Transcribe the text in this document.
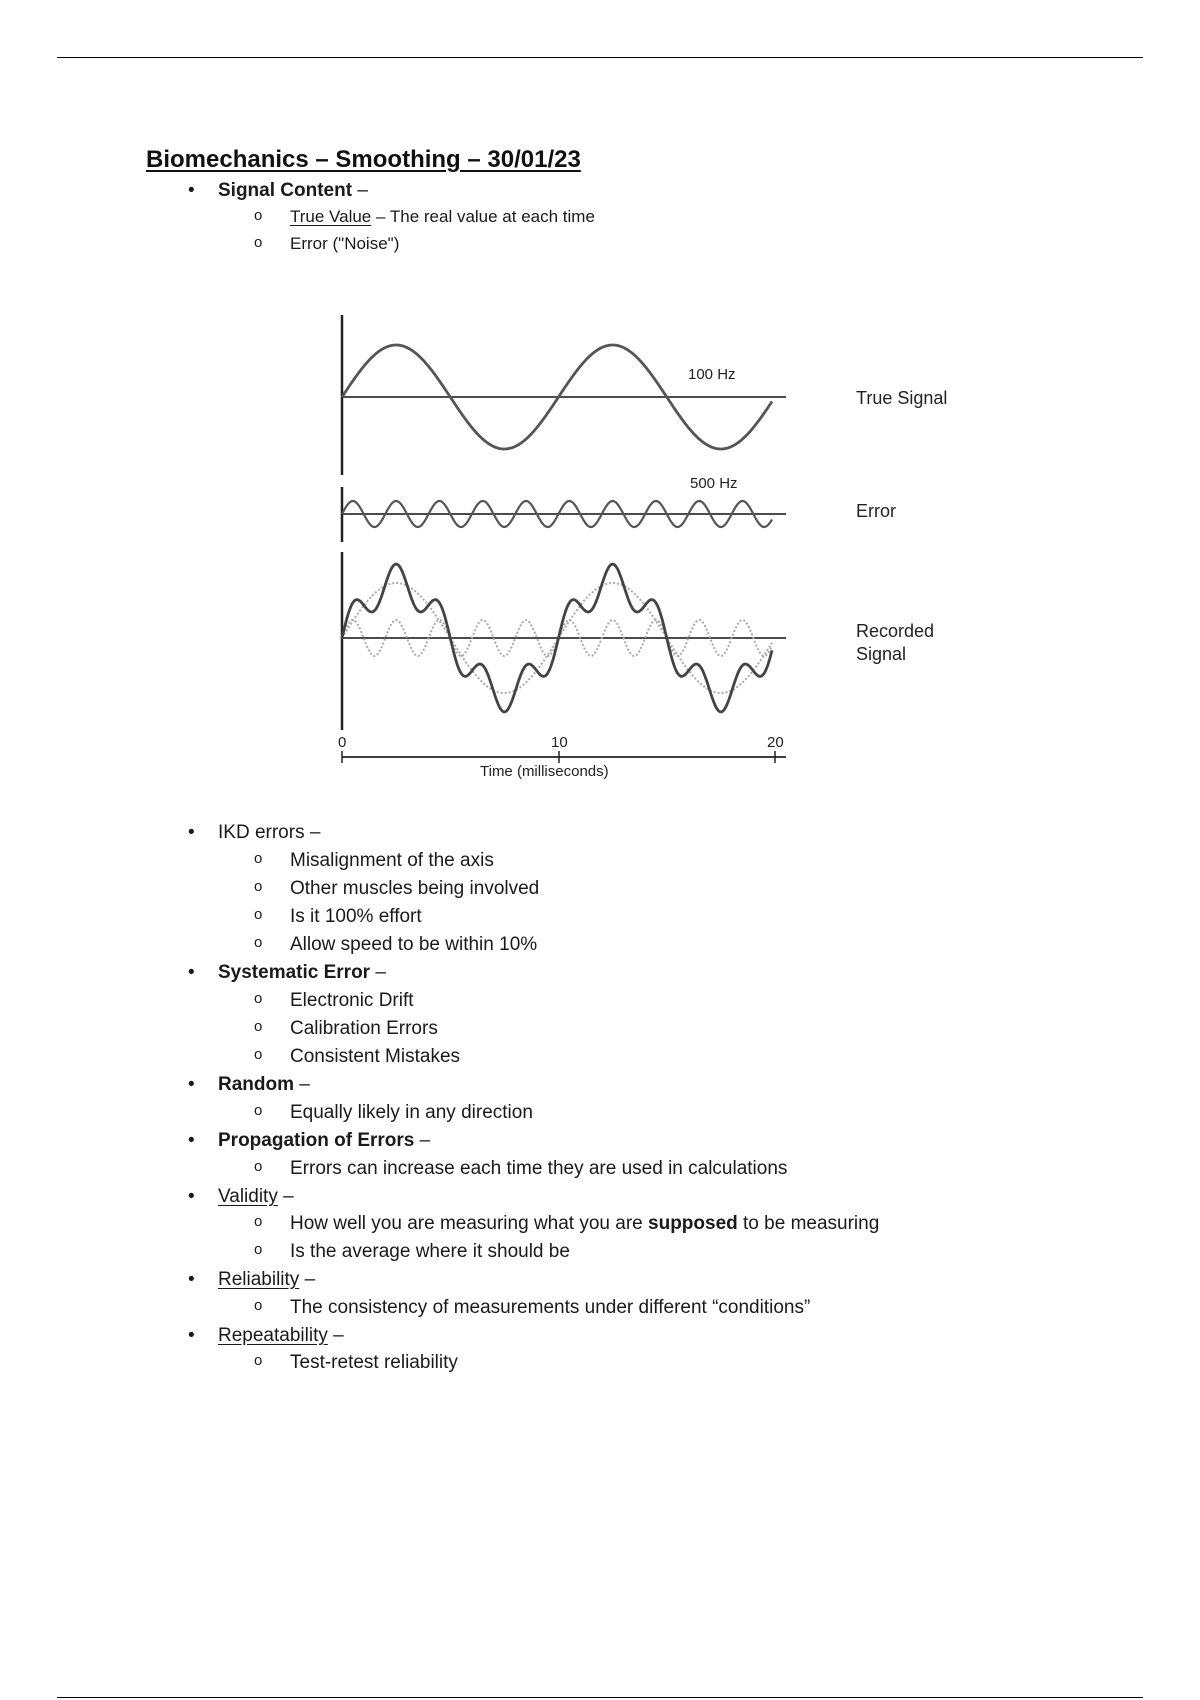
Biomechanics – Smoothing – 30/01/23
• Signal Content –
o True Value – The real value at each time
o Error ("Noise")
100 Hz
True Signal
500 Hz
Error
Recorded
Signal
0	10	20
Time (milliseconds)
• IKD errors –
o Misalignment of the axis
o Other muscles being involved
o Is it 100% effort
o Allow speed to be within 10%
• Systematic Error –
o Electronic Drift
o Calibration Errors
o Consistent Mistakes
• Random –
o Equally likely in any direction
• Propagation of Errors –
o Errors can increase each time they are used in calculations
• Validity –
o How well you are measuring what you are supposed to be measuring
o Is the average where it should be
• Reliability –
o The consistency of measurements under different “conditions”
• Repeatability –
o Test-retest reliability
